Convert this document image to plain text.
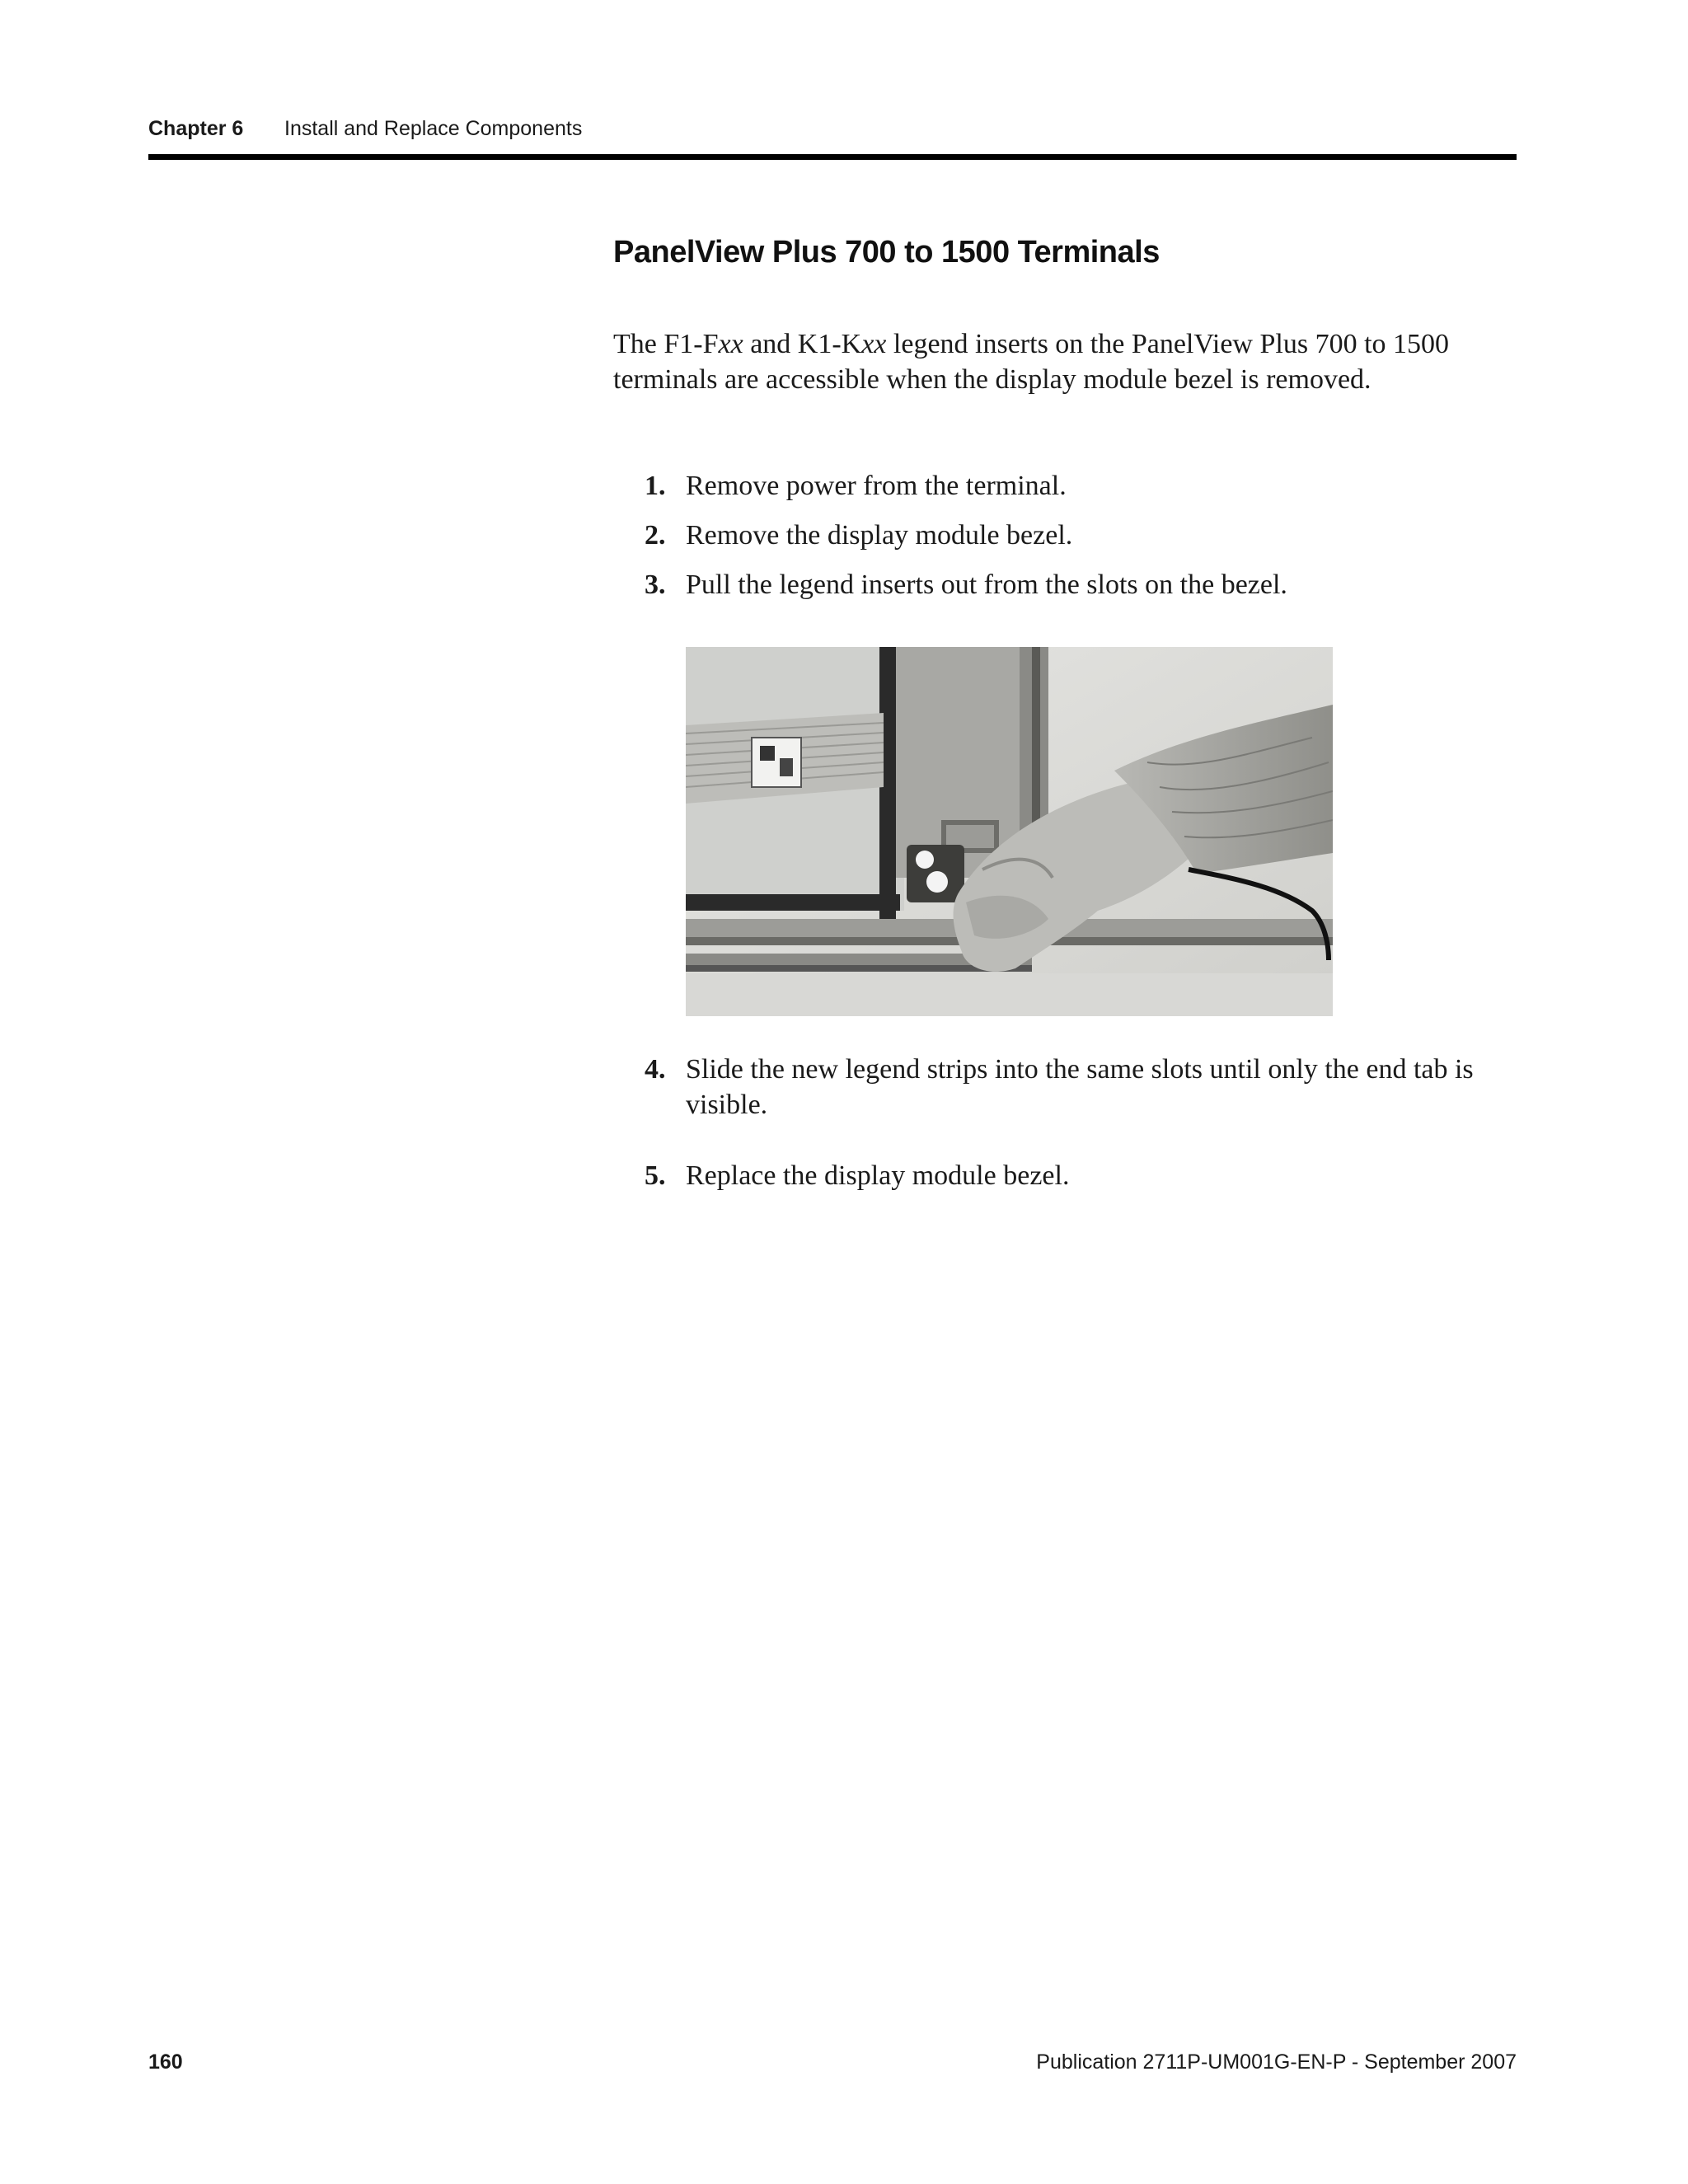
Chapter 6 Install and Replace Components
PanelView Plus 700 to 1500 Terminals

The F1-Fxx and K1-Kxx legend inserts on the PanelView Plus 700 to 1500 terminals are accessible when the display module bezel is removed.

1. Remove power from the terminal.
2. Remove the display module bezel.
3. Pull the legend inserts out from the slots on the bezel.
4. Slide the new legend strips into the same slots until only the end tab is visible.
5. Replace the display module bezel.
160	Publication 2711P-UM001G-EN-P - September 2007
